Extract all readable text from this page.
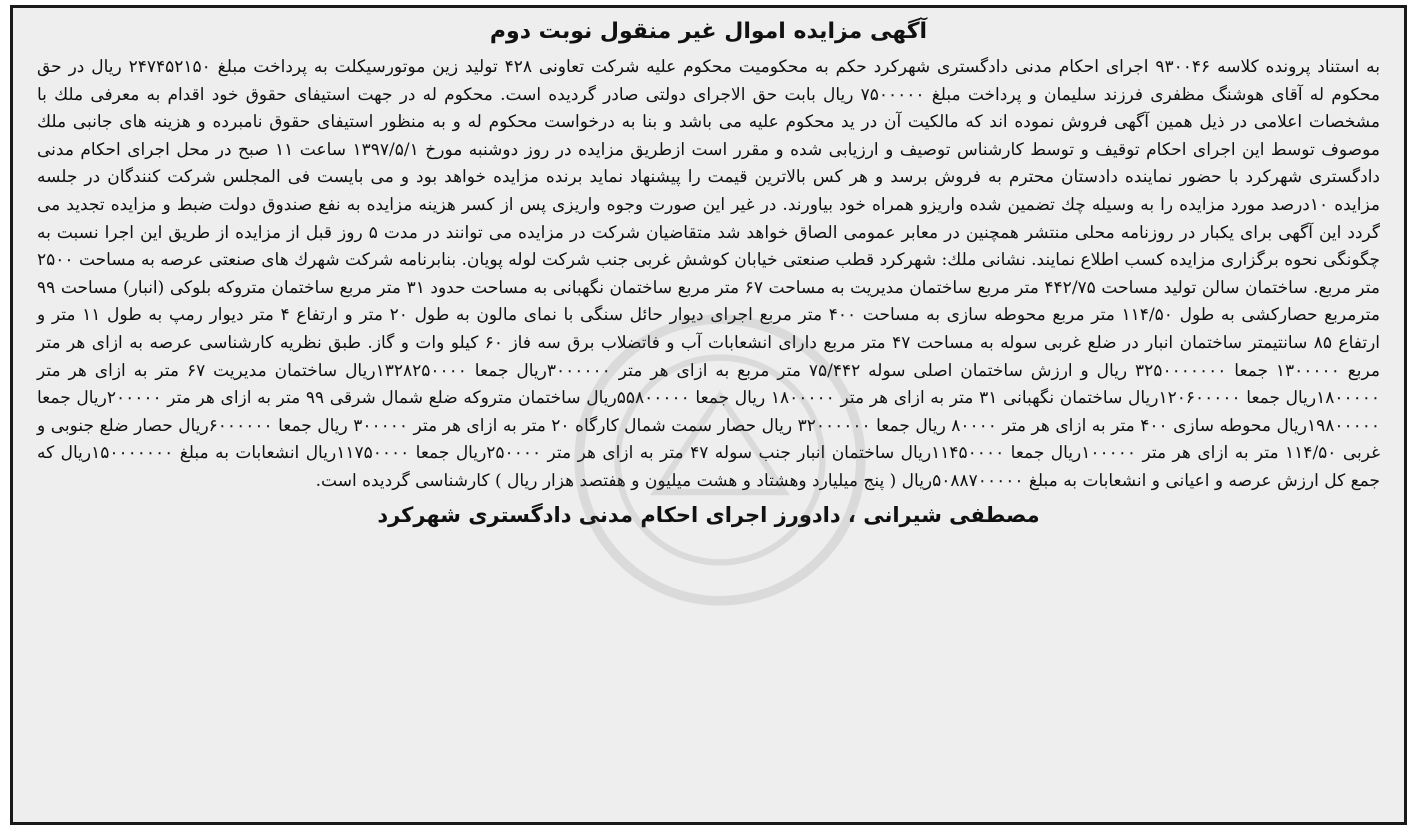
آگهی مزایده اموال غیر منقول نوبت دوم

به استناد پرونده کلاسه ۹۳۰۰۴۶ اجرای احکام مدنی دادگستری شهرکرد حکم به محکومیت محکوم علیه شرکت تعاونی ۴۲۸ تولید زین موتورسیکلت به پرداخت مبلغ ۲۴۷۴۵۲۱۵۰ ریال در حق محکوم له آقای هوشنگ مظفری فرزند سلیمان و پرداخت مبلغ ۷۵۰۰۰۰۰ ریال بابت حق الاجرای دولتی صادر گردیده است. محکوم له در جهت استیفای حقوق خود اقدام به معرفی ملك با مشخصات اعلامی در ذیل همین آگهی فروش نموده اند که مالکیت آن در ید محکوم علیه می باشد و بنا به درخواست محکوم له و به منظور استیفای حقوق نامبرده و هزینه های جانبی ملك موصوف توسط این اجرای احکام توقیف و توسط کارشناس توصیف و ارزیابی شده و مقرر است ازطریق مزایده در روز دوشنبه مورخ ۱۳۹۷/۵/۱ ساعت ۱۱ صبح در محل اجرای احکام مدنی دادگستری شهرکرد با حضور نماینده دادستان محترم به فروش برسد و هر کس بالاترین قیمت را پیشنهاد نماید برنده مزایده خواهد بود و می بایست فی المجلس شرکت کنندگان در جلسه مزایده ۱۰درصد مورد مزایده را به وسیله چك تضمین شده واریزو همراه خود بیاورند. در غیر این صورت وجوه واریزی پس از کسر هزینه مزایده به نفع صندوق دولت ضبط و مزایده تجدید می گردد این آگهی برای یکبار در روزنامه محلی منتشر همچنین در معابر عمومی الصاق خواهد شد متقاضیان شرکت در مزایده می توانند در مدت ۵ روز قبل از مزایده از طریق این اجرا نسبت به چگونگی نحوه برگزاری مزایده کسب اطلاع نمایند. نشانی ملك: شهرکرد قطب صنعتی خیابان کوشش غربی جنب شرکت لوله پویان. بنابرنامه شرکت شهرك های صنعتی عرصه به مساحت ۲۵۰۰ متر مربع. ساختمان سالن تولید مساحت ۴۴۲/۷۵ متر مربع ساختمان مدیریت به مساحت ۶۷ متر مربع ساختمان نگهبانی به مساحت حدود ۳۱ متر مربع ساختمان متروکه بلوکی (انبار) مساحت ۹۹ مترمربع حصارکشی به طول ۱۱۴/۵۰ متر مربع محوطه سازی به مساحت ۴۰۰ متر مربع اجرای دیوار حائل سنگی با نمای مالون به طول ۲۰ متر و ارتفاع ۴ متر دیوار رمپ به طول ۱۱ متر و ارتفاع ۸۵ سانتیمتر ساختمان انبار در ضلع غربی سوله به مساحت ۴۷ متر مربع دارای انشعابات آب و فاتضلاب برق سه فاز ۶۰ کیلو وات و گاز. طبق نظریه کارشناسی عرصه به ازای هر متر مربع ۱۳۰۰۰۰۰ جمعا ۳۲۵۰۰۰۰۰۰۰ ریال و ارزش ساختمان اصلی سوله ۷۵/۴۴۲ متر مربع به ازای هر متر ۳۰۰۰۰۰۰ریال جمعا ۱۳۲۸۲۵۰۰۰۰ریال ساختمان مدیریت ۶۷ متر به ازای هر متر ۱۸۰۰۰۰۰ریال جمعا ۱۲۰۶۰۰۰۰۰ریال ساختمان نگهبانی ۳۱ متر به ازای هر متر ۱۸۰۰۰۰۰ ریال جمعا ۵۵۸۰۰۰۰۰ریال ساختمان متروکه ضلع شمال شرقی ۹۹ متر به ازای هر متر ۲۰۰۰۰۰ریال جمعا ۱۹۸۰۰۰۰۰ریال محوطه سازی ۴۰۰ متر به ازای هر متر ۸۰۰۰۰ ریال جمعا ۳۲۰۰۰۰۰۰ ریال حصار سمت شمال کارگاه ۲۰ متر به ازای هر متر ۳۰۰۰۰۰ ریال جمعا ۶۰۰۰۰۰۰ریال حصار ضلع جنوبی و غربی ۱۱۴/۵۰ متر به ازای هر متر ۱۰۰۰۰۰ریال جمعا ۱۱۴۵۰۰۰۰ریال ساختمان انبار جنب سوله ۴۷ متر به ازای هر متر ۲۵۰۰۰۰ریال جمعا ۱۱۷۵۰۰۰۰ریال انشعابات به مبلغ ۱۵۰۰۰۰۰۰۰ریال که جمع کل ارزش عرصه و اعیانی و انشعابات به مبلغ ۵۰۸۸۷۰۰۰۰۰ریال ( پنج میلیارد وهشتاد و هشت میلیون و هفتصد هزار ریال ) کارشناسی گردیده است.

مصطفی شیرانی ، دادورز اجرای احکام مدنی دادگستری شهرکرد
